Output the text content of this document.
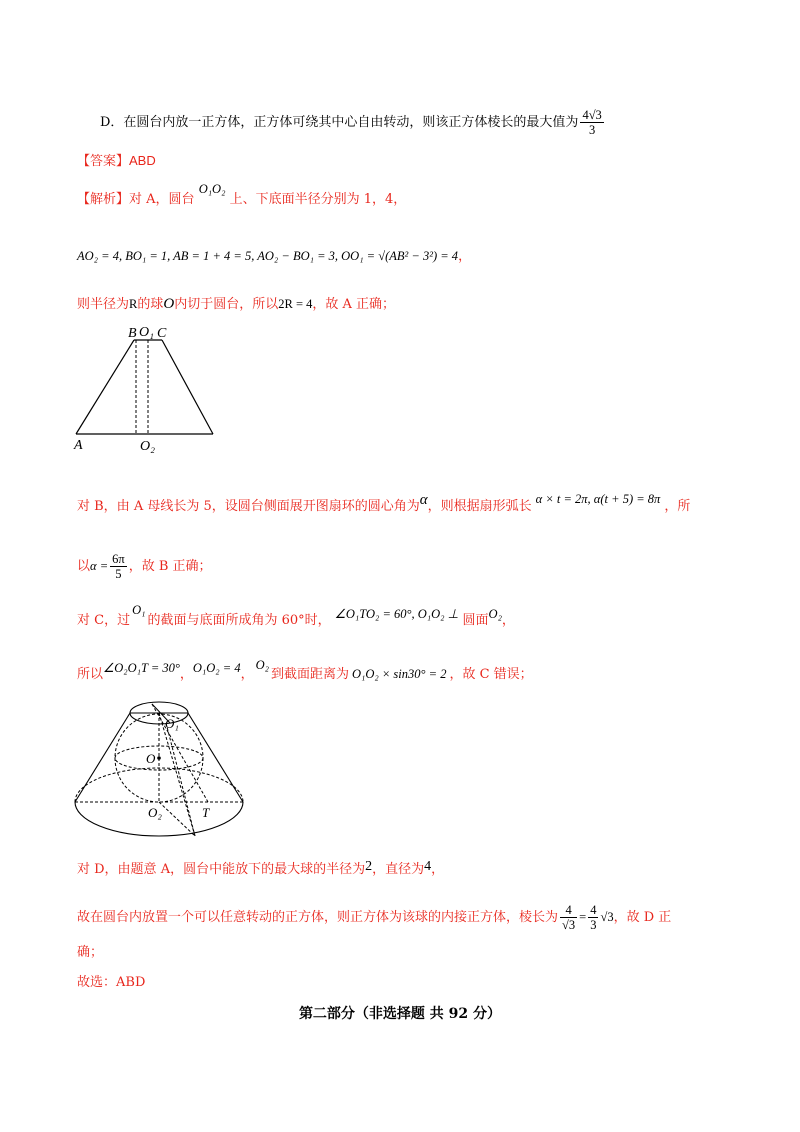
D．在圆台内放一正方体，正方体可绕其中心自由转动，则该正方体棱长的最大值为 $\frac{4√3}{3}$
【答案】ABD
【解析】对 A，圆台 O₁O₂ 上、下底面半径分别为 1，4，
AO₂ = 4, BO₁ = 1, AB = 1 + 4 = 5, AO₂ − BO₁ = 3, OO₁ = √(AB² − 3²) = 4，
则半径为R的球O内切于圆台，所以2R = 4，故 A 正确；
B O₁ C
A	O₂
对 B，由 A 母线长为 5，设圆台侧面展开图扇环的圆心角为α，则根据扇形弧长 α × t = 2π, α(t + 5) = 8π ，所
以$\alpha = \frac{6\pi}{5}$ ，故 B 正确；
对 C，过O₁的截面与底面所成角为 60°时， ∠O₁TO₂ = 60°, O₁O₂ ⊥ 圆面O₂，
所以∠O₂O₁T = 30°，O₁O₂ = 4，O₂到截面距离为 O₁O₂ × sin30° = 2 ，故 C 错误；
O₁
O
O₂	T
对 D，由题意 A，圆台中能放下的最大球的半径为2，直径为4，
故在圆台内放置一个可以任意转动的正方体，则正方体为该球的内接正方体，棱长为 $\frac{4}{√3} = \frac{4}{3} √3$，故 D 正
确；
故选：ABD
第二部分（非选择题 共 92 分）
